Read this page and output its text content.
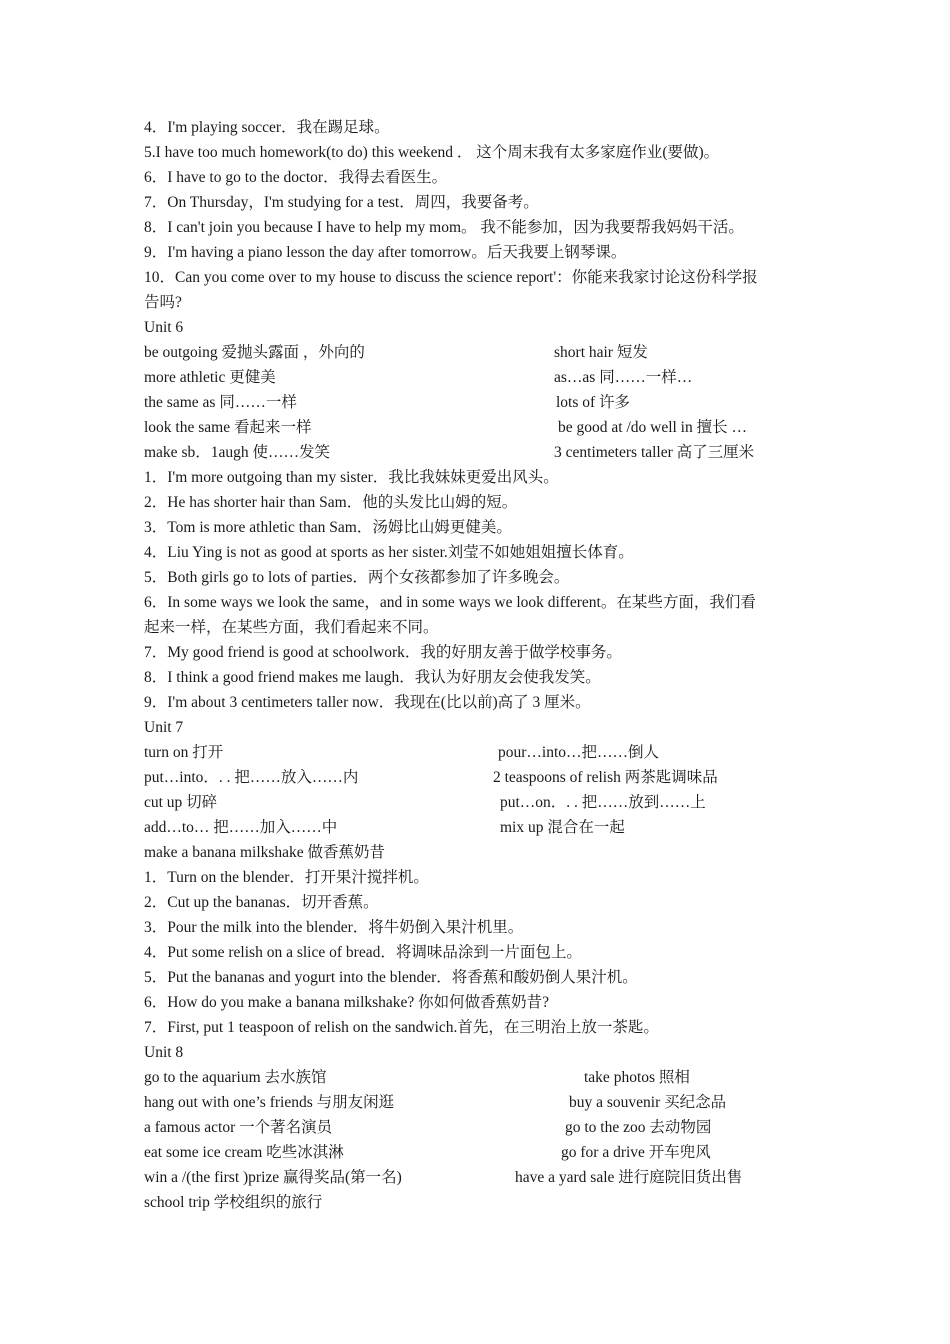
4．I'm playing soccer．我在踢足球。
5.I have too much homework(to do) this weekend ． 这个周末我有太多家庭作业(要做)。
6．I have to go to the doctor．我得去看医生。
7．On Thursday，I'm studying for a test．周四，我要备考。
8．I can't join you because I have to help my mom。 我不能参加，因为我要帮我妈妈干活。
9．I'm having a piano lesson the day after tomorrow。后天我要上钢琴课。
10．Can you come over to my house to discuss the science report'：你能来我家讨论这份科学报
告吗?
Unit 6
be outgoing 爱抛头露面 ，外向的	short hair 短发
more athletic 更健美	as…as 同……一样…
the same as 同……一样	lots of 许多
look the same 看起来一样	be good at /do well in 擅长 …
make sb．1augh 使……发笑	3 centimeters taller 高了三厘米
1．I'm more outgoing than my sister．我比我妹妹更爱出风头。
2．He has shorter hair than Sam．他的头发比山姆的短。
3．Tom is more athletic than Sam．汤姆比山姆更健美。
4．Liu Ying is not as good at sports as her sister.刘莹不如她姐姐擅长体育。
5．Both girls go to lots of parties．两个女孩都参加了许多晚会。
6．In some ways we look the same，and in some ways we look different。在某些方面，我们看
起来一样，在某些方面，我们看起来不同。
7．My good friend is good at schoolwork．我的好朋友善于做学校事务。
8．I think a good friend makes me laugh．我认为好朋友会使我发笑。
9．I'm about 3 centimeters taller now．我现在(比以前)高了 3 厘米。
Unit 7
turn on 打开	pour…into…把……倒人
put…into．. . 把……放入……内	2 teaspoons of relish 两茶匙调味品
cut up 切碎	put…on．. . 把……放到……上
add…to… 把……加入……中	mix up 混合在一起
make a banana milkshake 做香蕉奶昔
1．Turn on the blender．打开果汁搅拌机。
2．Cut up the bananas．切开香蕉。
3．Pour the milk into the blender．将牛奶倒入果汁机里。
4．Put some relish on a slice of bread．将调味品涂到一片面包上。
5．Put the bananas and yogurt into the blender．将香蕉和酸奶倒人果汁机。
6．How do you make a banana milkshake? 你如何做香蕉奶昔?
7．First, put 1 teaspoon of relish on the sandwich.首先，在三明治上放一茶匙。
Unit 8
go to the aquarium 去水族馆	take photos 照相
hang out with one’s friends 与朋友闲逛	buy a souvenir 买纪念品
a famous actor 一个著名演员	go to the zoo 去动物园
eat some ice cream 吃些冰淇淋	go for a drive 开车兜风
win a /(the first )prize 赢得奖品(第一名)	have a yard sale 进行庭院旧货出售
school trip 学校组织的旅行
